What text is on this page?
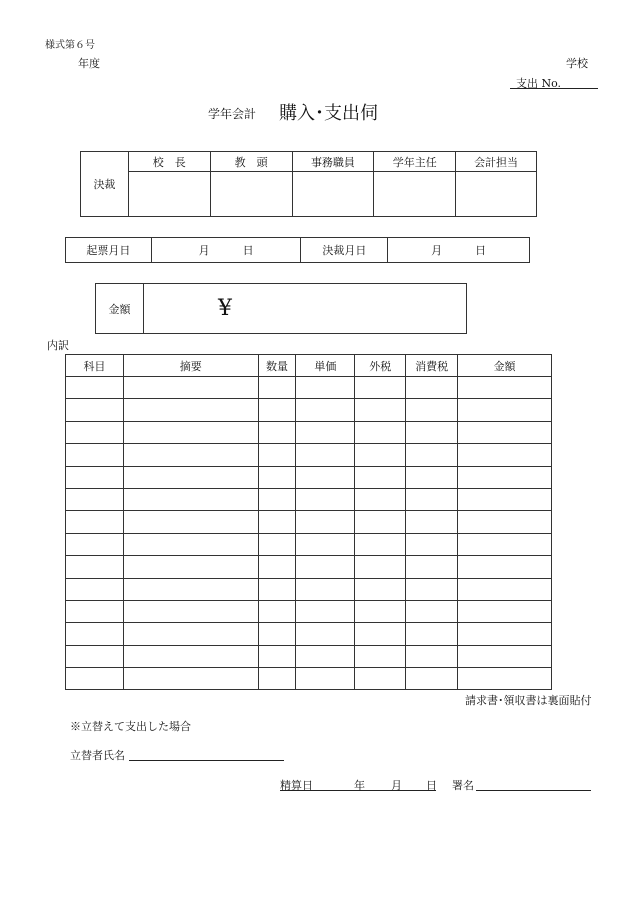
様式第６号
年度	学校
支出 No.
学年会計 購入･支出伺
決裁	校　長	教　頭	事務職員	学年主任	会計担当

起票月日	月　　　日	決裁月日	月　　　日
金額	¥
内訳
科目	摘要	数量	単価	外税	消費税	金額

請求書･領収書は裏面貼付
※立替えて支出した場合
立替者氏名
精算日	年 月 日 署名
